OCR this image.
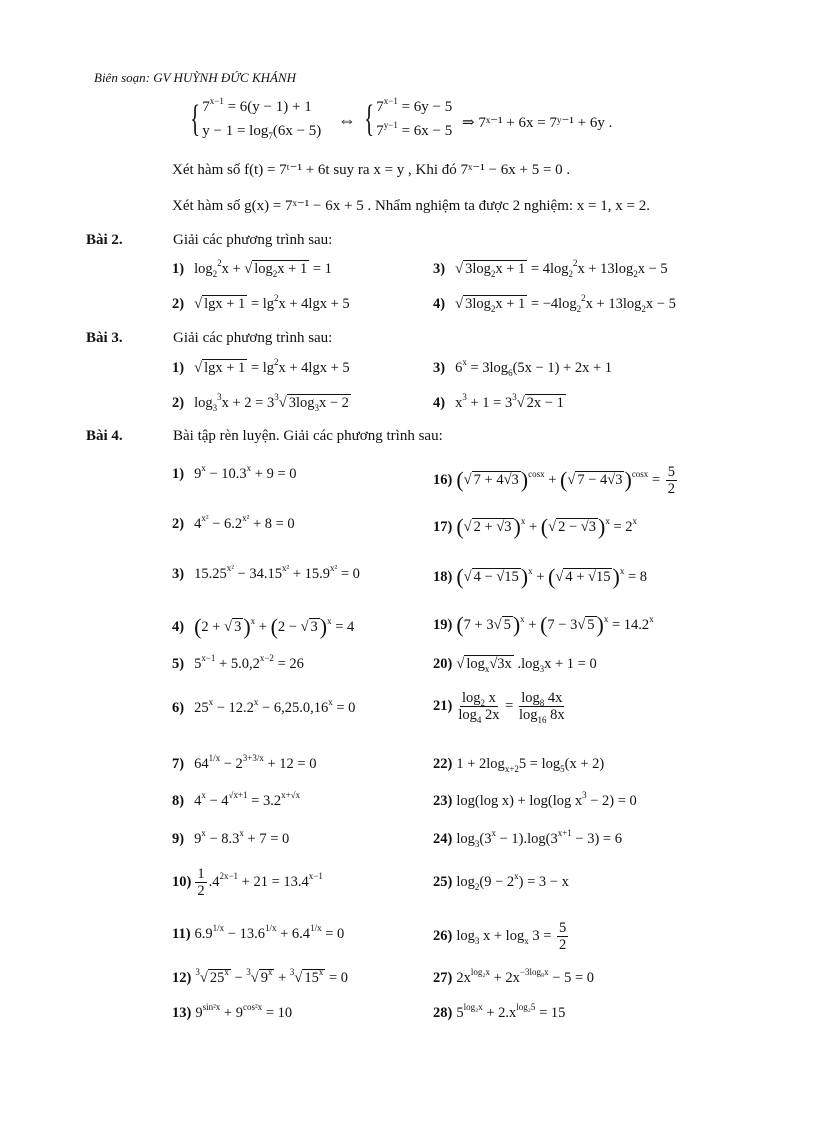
Biên soạn: GV HUỲNH ĐỨC KHÁNH
{ $7^{x-1} = 6(y - 1) + 1$
$y - 1 = \log_7(6x - 5)$
⇔ { $7^{x-1} = 6y - 5$
$7^{y-1} = 6x - 5$ ⇒ 7ˣ⁻¹ + 6x = 7ʸ⁻¹ + 6y .
Xét hàm số f(t) = 7ᵗ⁻¹ + 6t suy ra x = y , Khi đó 7ˣ⁻¹ − 6x + 5 = 0 .
Xét hàm số g(x) = 7ˣ⁻¹ − 6x + 5 . Nhẩm nghiệm ta được 2 nghiệm: x = 1, x = 2.
Bài 2.	Giải các phương trình sau:
1) $\log_2^2x$ + √ $\log_2x + 1 = 1$	3) √ $3\log_2x + 1 = 4\log_2^2x + 13\log_2x - 5$
2) √ $\lg x + 1 = \lg^2x + 4\lg x + 5$	4) √ $3\log_2x + 1 = -4\log_2^2x + 13\log_2x - 5$
Bài 3.	Giải các phương trình sau:
1) √ $\lg x + 1 = \lg^2x + 4\lg x + 5$	3) $6^x = 3\log_6(5x - 1) + 2x + 1$
2) $\log_3^3x + 2 = 3^3√$ $3\log_3x - 2$	4) $x^3 + 1 = 3^3√$ 2x − 1
Bài 4.	Bài tập rèn luyện. Giải các phương trình sau:
1) $9^x - 10.3^x + 9 = 0$
2) $4^{x^2} - 6.2^{x^2} + 8 = 0$
3) $15.25^{x^2} - 34.15^{x^2} + 15.9^{x^2} = 0$
4) (2 + √ 3)$^x$ + (2 − √ 3)$^x$ = 4
5) $5^{x-1} + 5.0,2^{x-2} = 26$
6) $25^x - 12.2^x - 6,25.0,16^x = 0$
7) $64^{1/x} - 2^{3+3/x} + 12 = 0$
8) $4^x - 4^{√x+1} = 3.2^{x+√x}$
9) $9^x - 8.3^x + 7 = 0$
$10) \frac{1}{2} .4^{2x-1} + 21 = 13.4^{x-1}$
11) $6.9^{1/x} - 13.6^{1/x} + 6.4^{1/x} = 0$
12) $^3$√ $25^x - ^3√$ $9^x + ^3√$ $15^x = 0$
13) $9^{sin^2x} + 9^{cos^2x} = 10$
16) (√ 7 + 4√3)$^{cosx}$ + (√ $7 - 4√3)^{cosx} = \frac{5}{2}$
17) (√ 2 + √3)$^x$ + (√ $2 - √3)^x = 2^x$
18) (√ 4 − √15)$^x$ + (√ 4 + √15)$^x$ = 8
19) (7 + 3√ 5)$^x$ + (7 − 3√ $5)^x = 14.2^x$
20) √ $\log_x√3x$ $.\log_3x + 1 = 0$
$21) \frac{\log_2 x}{\log_4 2x} = \frac{\log_8 4x}{\log_{16} 8x}$
22) $1 + 2\log_{x+2}5 = \log_5(x + 2)$
23) log(log x) + log(log $x^3 - 2) = 0$
24) $\log_3(3^x - 1).\log(3^{x+1} - 3) = 6$
25) $\log_2(9 - 2^x) = 3 - x$
26) $\log_3 x + \log_x 3 = \frac{5}{2}$
27) $2x^{log_2x} + 2x^{-3log_8x} - 5 = 0$
28) $5^{log_2x} + 2.x^{log_25} = 15$
